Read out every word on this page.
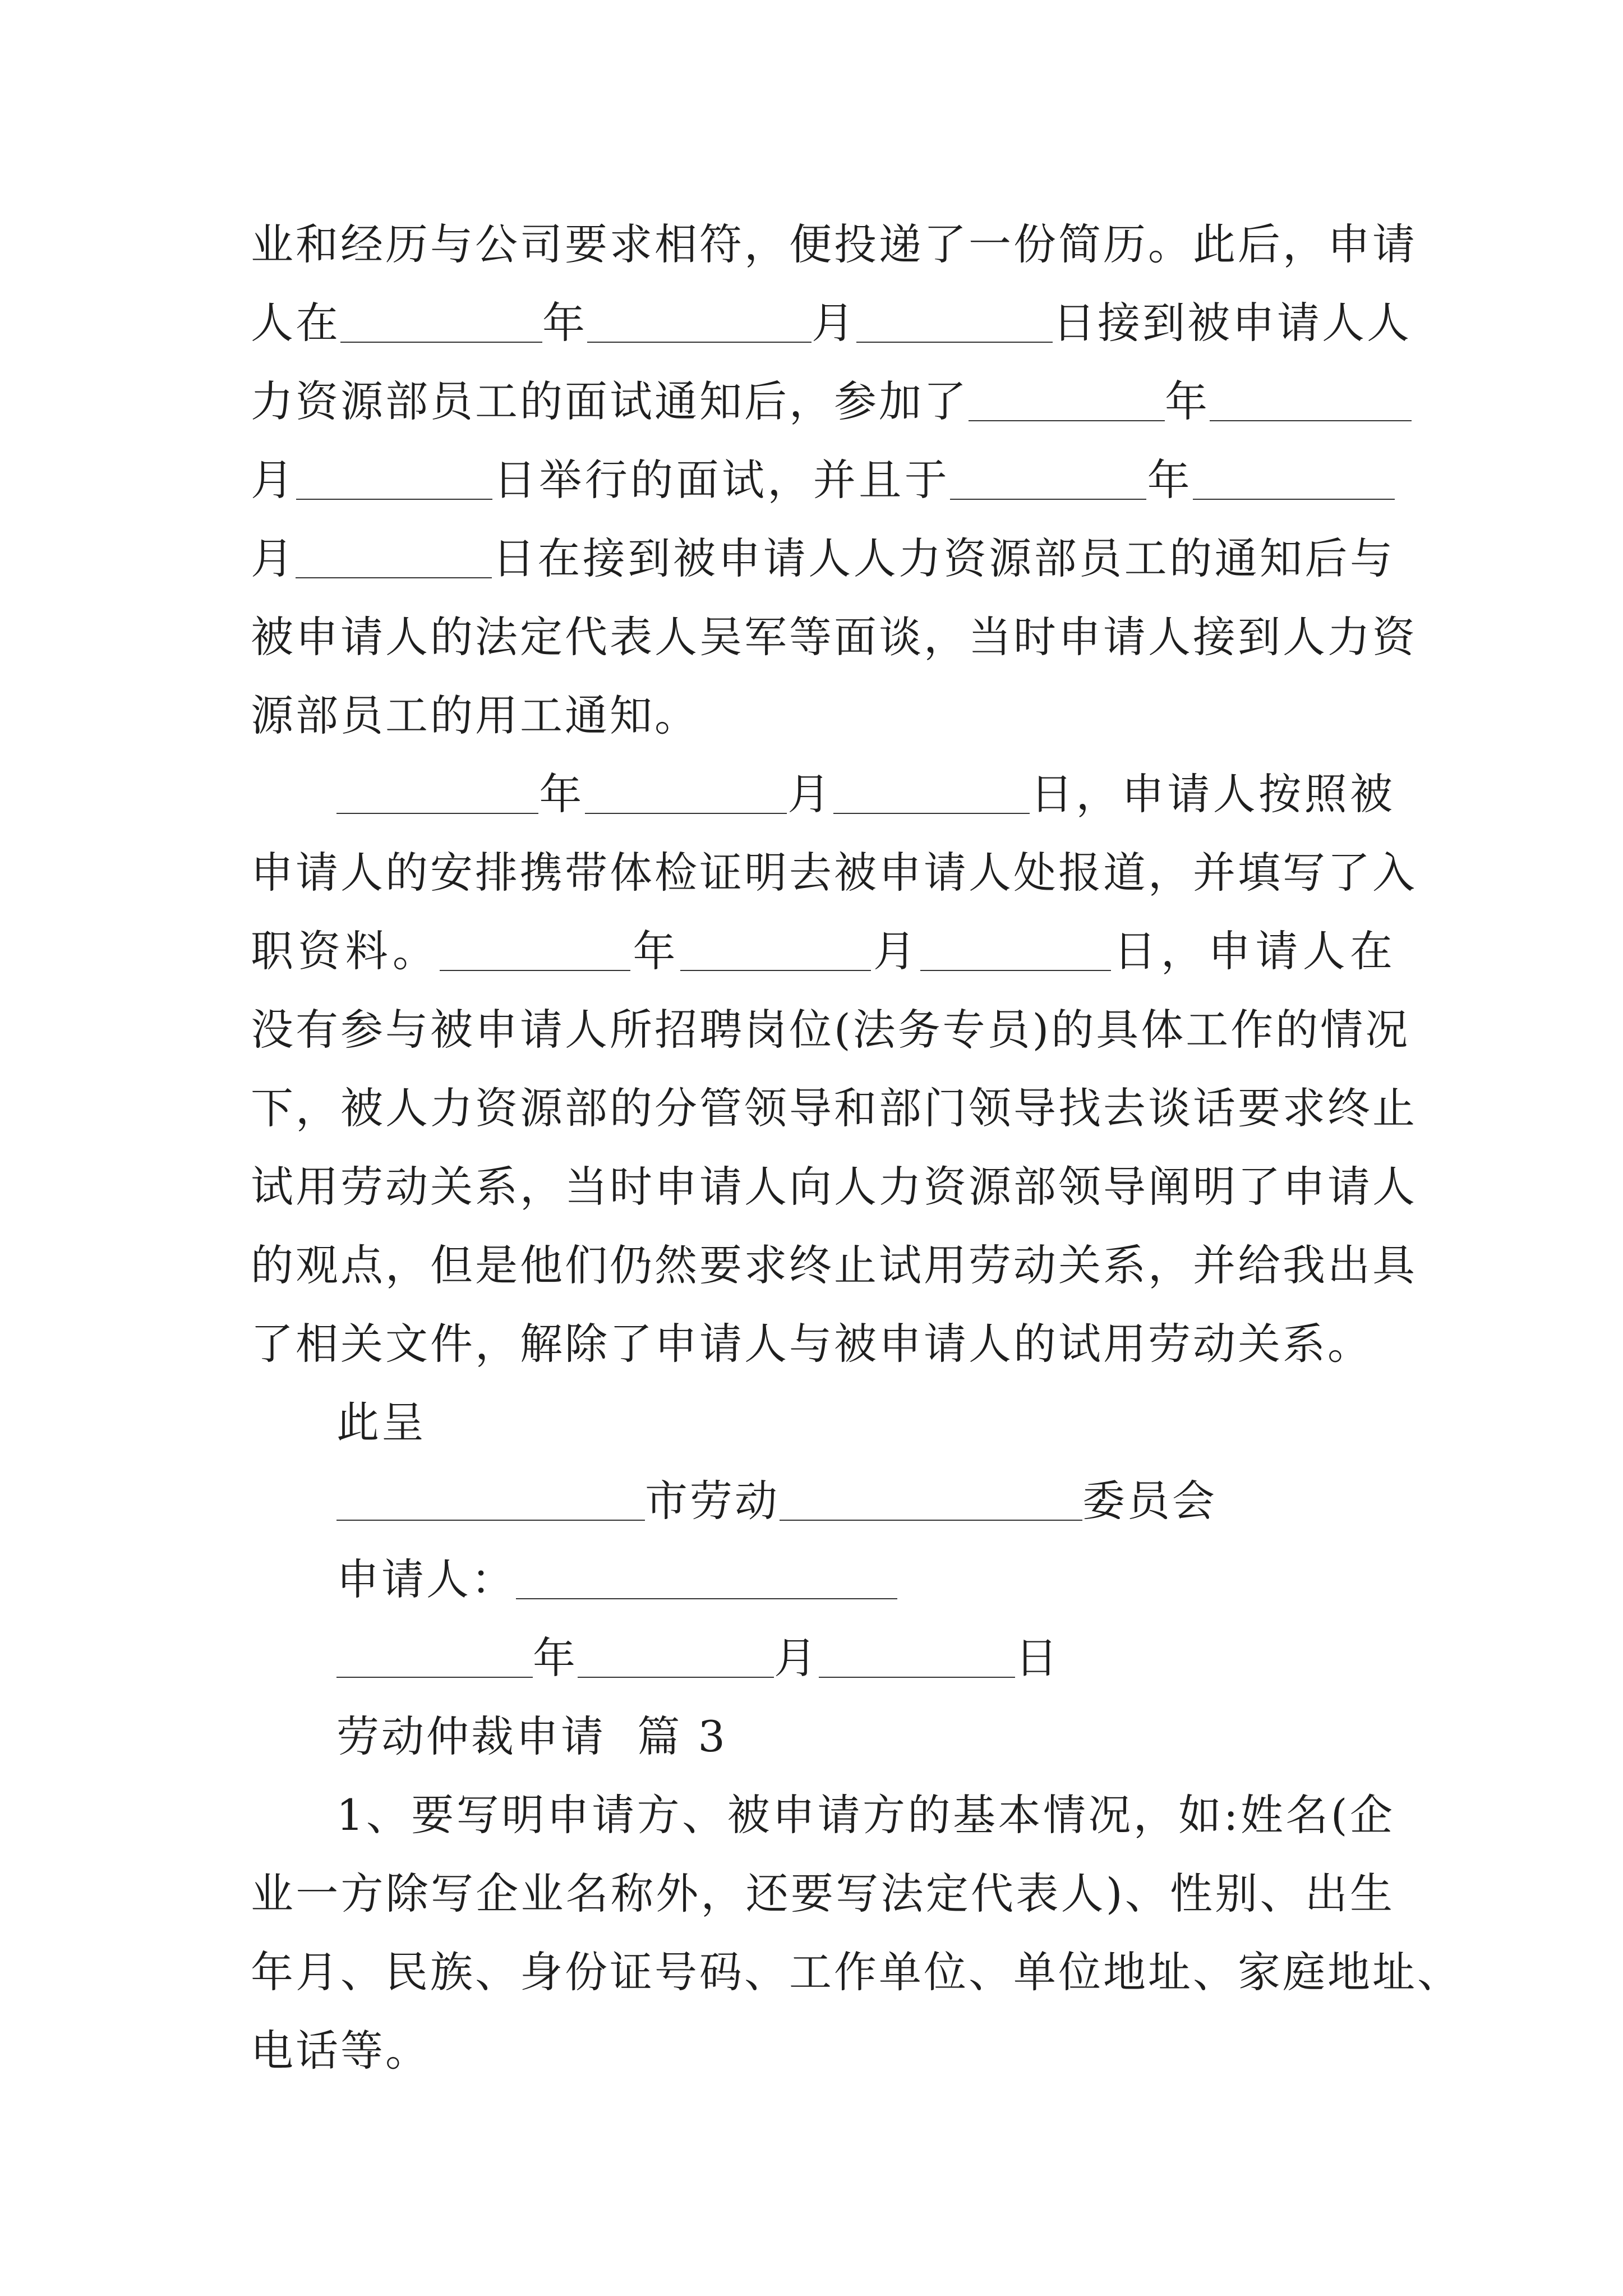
业和经历与公司要求相符，便投递了一份简历。此后，申请
人在	年	月	日接到被申请人人
力资源部员工的面试通知后，参加了	年
月	日举行的面试，并且于	年
月	日在接到被申请人人力资源部员工的通知后与
被申请人的法定代表人吴军等面谈，当时申请人接到人力资
源部员工的用工通知。
年	月	日，申请人按照被
申请人的安排携带体检证明去被申请人处报道，并填写了入
职资料。	年	月	日，申请人在
没有参与被申请人所招聘岗位(法务专员)的具体工作的情况
下，被人力资源部的分管领导和部门领导找去谈话要求终止
试用劳动关系，当时申请人向人力资源部领导阐明了申请人
的观点，但是他们仍然要求终止试用劳动关系，并给我出具
了相关文件，解除了申请人与被申请人的试用劳动关系。
此呈
市劳动	委员会
申请人：
年	月	日
劳动仲裁申请  篇 3
1、要写明申请方、被申请方的基本情况，如:姓名(企
业一方除写企业名称外，还要写法定代表人)、性别、出生
年月、民族、身份证号码、工作单位、单位地址、家庭地址、
电话等。
